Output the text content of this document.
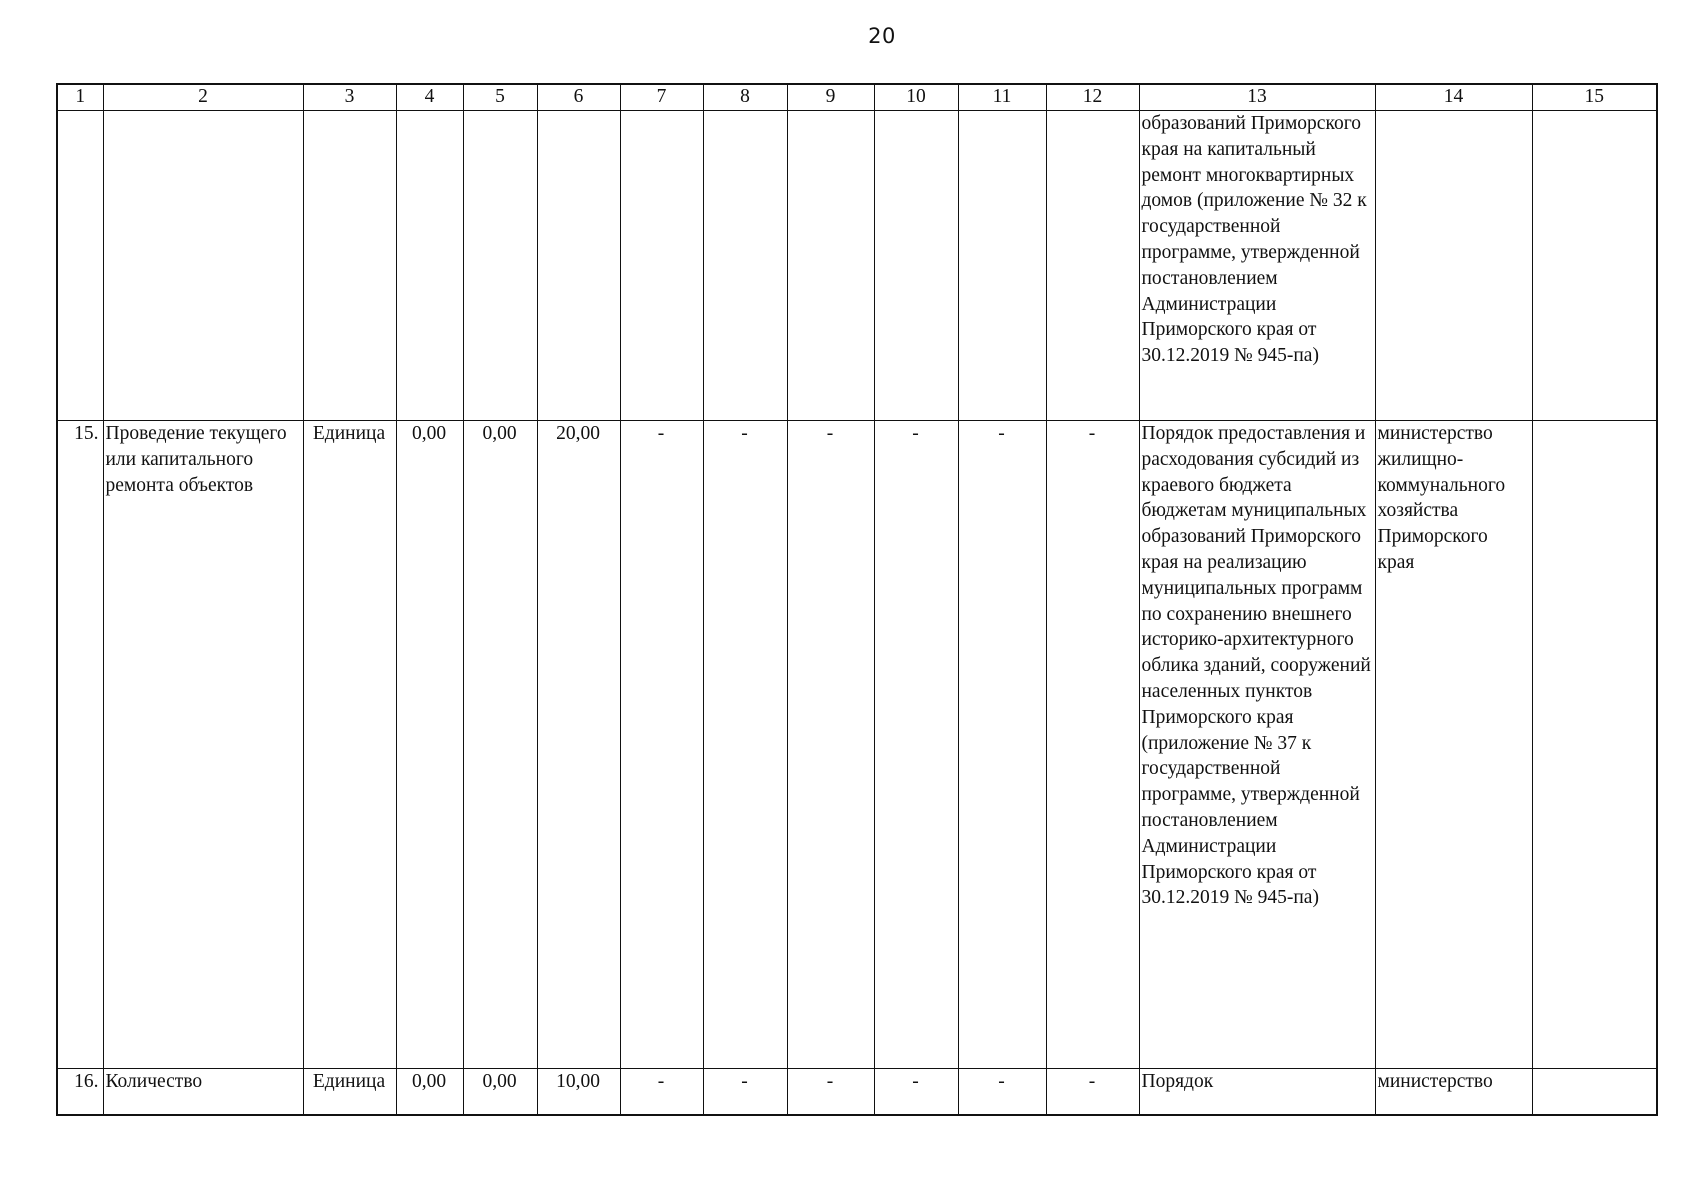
20
1	2	3	4	5	6	7	8	9	10	11	12	13	14	15
												образований Приморского края на капитальный ремонт многоквартирных домов (приложение № 32 к государственной программе, утвержденной постановлением Администрации Приморского края от 30.12.2019 № 945-па)		
15.	Проведение текущего или капитального ремонта объектов	Единица	0,00	0,00	20,00	-	-	-	-	-	-	Порядок предоставления и расходования субсидий из краевого бюджета бюджетам муниципальных образований Приморского края на реализацию муниципальных программ по сохранению внешнего историко-архитектурного облика зданий, сооружений населенных пунктов Приморского края (приложение № 37 к государственной программе, утвержденной постановлением Администрации Приморского края от 30.12.2019 № 945-па)	министерство жилищно-коммунального хозяйства Приморского края	
16.	Количество	Единица	0,00	0,00	10,00	-	-	-	-	-	-	Порядок	министерство	
